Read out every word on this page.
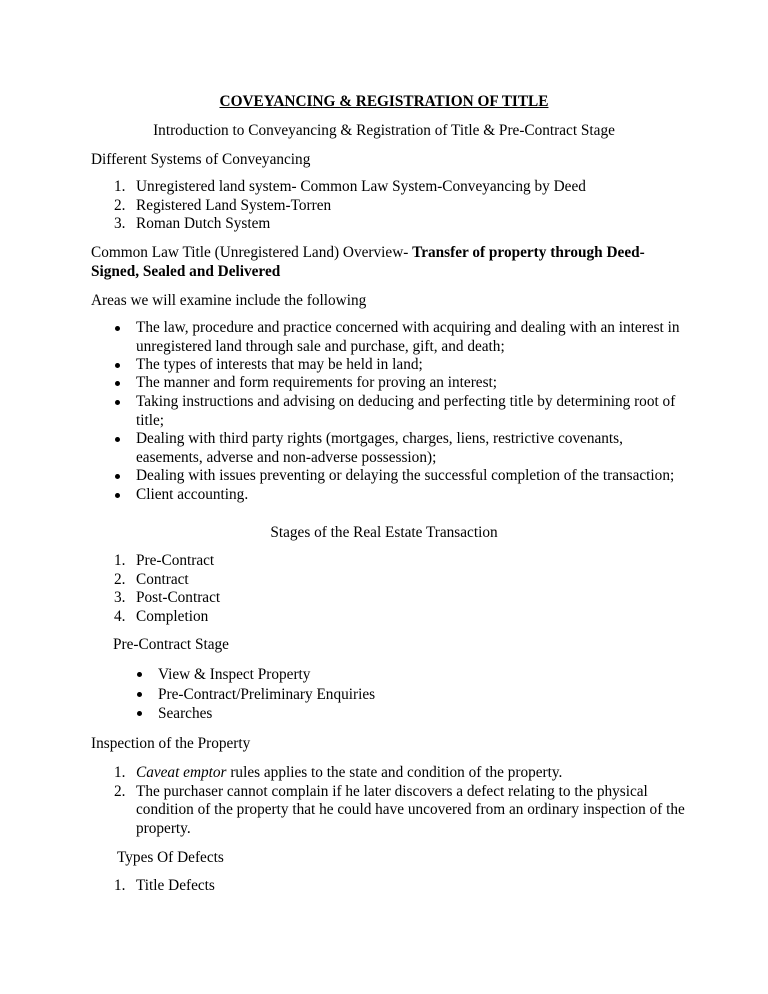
COVEYANCING & REGISTRATION OF TITLE
Introduction to Conveyancing & Registration of Title & Pre-Contract Stage
Different Systems of Conveyancing
1. Unregistered land system- Common Law System-Conveyancing by Deed
2. Registered Land System-Torren
3. Roman Dutch System
Common Law Title (Unregistered Land) Overview- Transfer of property through Deed-
Signed, Sealed and Delivered
Areas we will examine include the following
The law, procedure and practice concerned with acquiring and dealing with an interest in
unregistered land through sale and purchase, gift, and death;
The types of interests that may be held in land;
The manner and form requirements for proving an interest;
Taking instructions and advising on deducing and perfecting title by determining root of
title;
Dealing with third party rights (mortgages, charges, liens, restrictive covenants,
easements, adverse and non-adverse possession);
Dealing with issues preventing or delaying the successful completion of the transaction;
Client accounting.
Stages of the Real Estate Transaction
1. Pre-Contract
2. Contract
3. Post-Contract
4. Completion
Pre-Contract Stage
View & Inspect Property
Pre-Contract/Preliminary Enquiries
Searches
Inspection of the Property
1. Caveat emptor rules applies to the state and condition of the property.
2. The purchaser cannot complain if he later discovers a defect relating to the physical
condition of the property that he could have uncovered from an ordinary inspection of the
property.
Types Of Defects
1. Title Defects
